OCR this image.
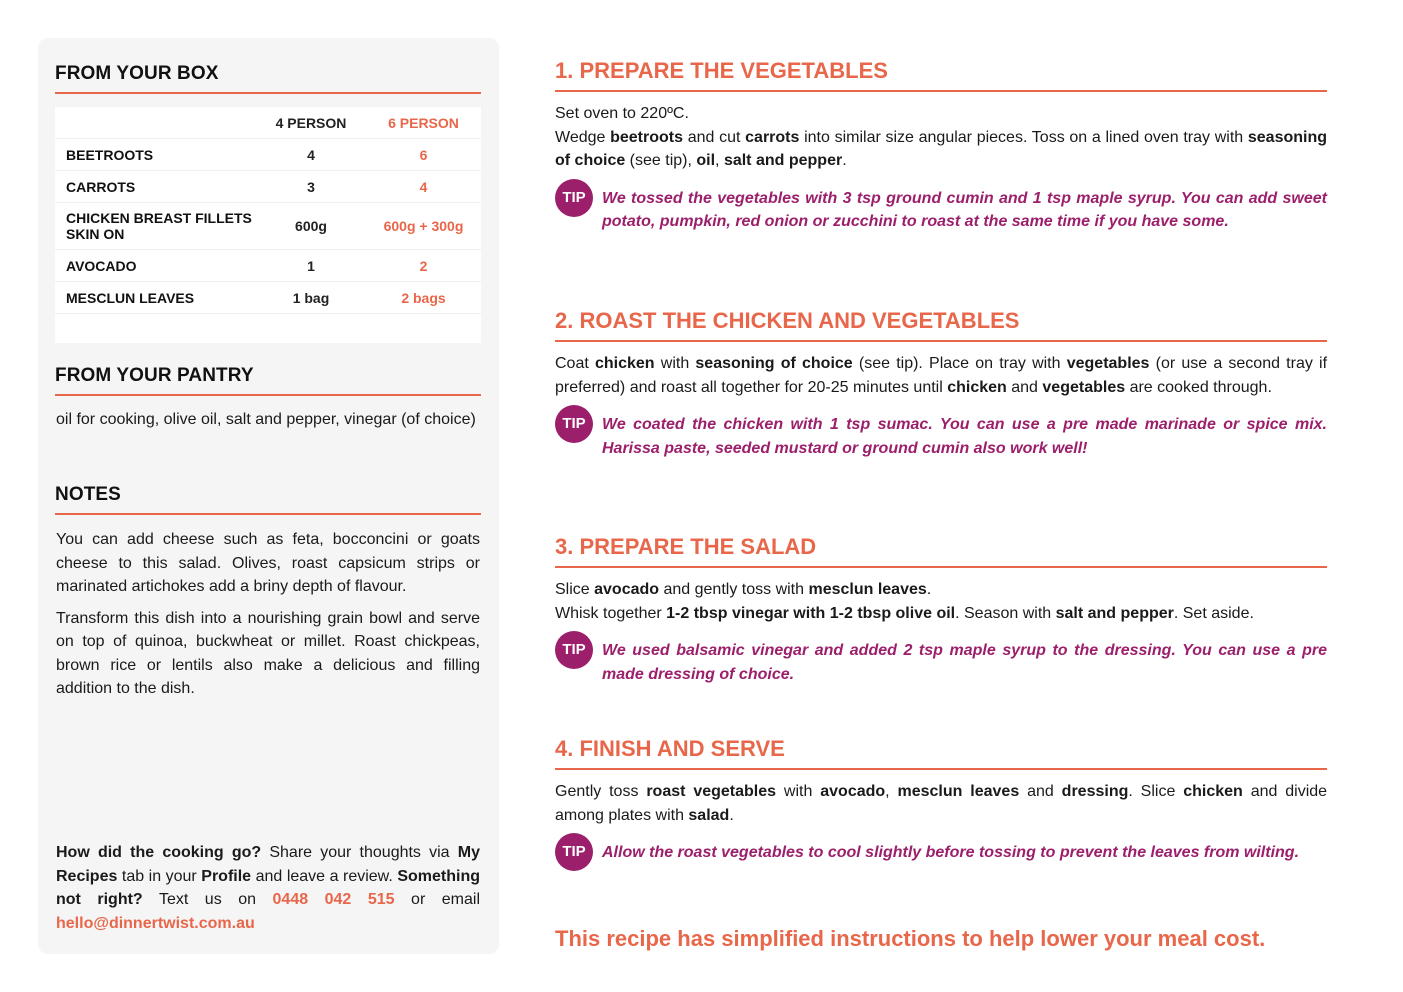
FROM YOUR BOX
	4 PERSON	6 PERSON
BEETROOTS	4	6
CARROTS	3	4
CHICKEN BREAST FILLETS SKIN ON	600g	600g + 300g
AVOCADO	1	2
MESCLUN LEAVES	1 bag	2 bags
FROM YOUR PANTRY
oil for cooking, olive oil, salt and pepper, vinegar (of choice)
NOTES

You can add cheese such as feta, bocconcini or goats cheese to this salad. Olives, roast capsicum strips or marinated artichokes add a briny depth of flavour.

Transform this dish into a nourishing grain bowl and serve on top of quinoa, buckwheat or millet. Roast chickpeas, brown rice or lentils also make a delicious and filling addition to the dish.

How did the cooking go? Share your thoughts via My Recipes tab in your Profile and leave a review. Something not right? Text us on 0448 042 515 or email hello@dinnertwist.com.au
1. PREPARE THE VEGETABLES
Set oven to 220ºC.
Wedge beetroots and cut carrots into similar size angular pieces. Toss on a lined oven tray with seasoning of choice (see tip), oil, salt and pepper.
TIP	We tossed the vegetables with 3 tsp ground cumin and 1 tsp maple syrup. You can add sweet potato, pumpkin, red onion or zucchini to roast at the same time if you have some.
2. ROAST THE CHICKEN AND VEGETABLES
Coat chicken with seasoning of choice (see tip). Place on tray with vegetables (or use a second tray if preferred) and roast all together for 20-25 minutes until chicken and vegetables are cooked through.
TIP	We coated the chicken with 1 tsp sumac. You can use a pre made marinade or spice mix. Harissa paste, seeded mustard or ground cumin also work well!
3. PREPARE THE SALAD
Slice avocado and gently toss with mesclun leaves.
Whisk together 1-2 tbsp vinegar with 1-2 tbsp olive oil. Season with salt and pepper. Set aside.
TIP	We used balsamic vinegar and added 2 tsp maple syrup to the dressing. You can use a pre made dressing of choice.
4. FINISH AND SERVE
Gently toss roast vegetables with avocado, mesclun leaves and dressing. Slice chicken and divide among plates with salad.
TIP	Allow the roast vegetables to cool slightly before tossing to prevent the leaves from wilting.
This recipe has simplified instructions to help lower your meal cost.
